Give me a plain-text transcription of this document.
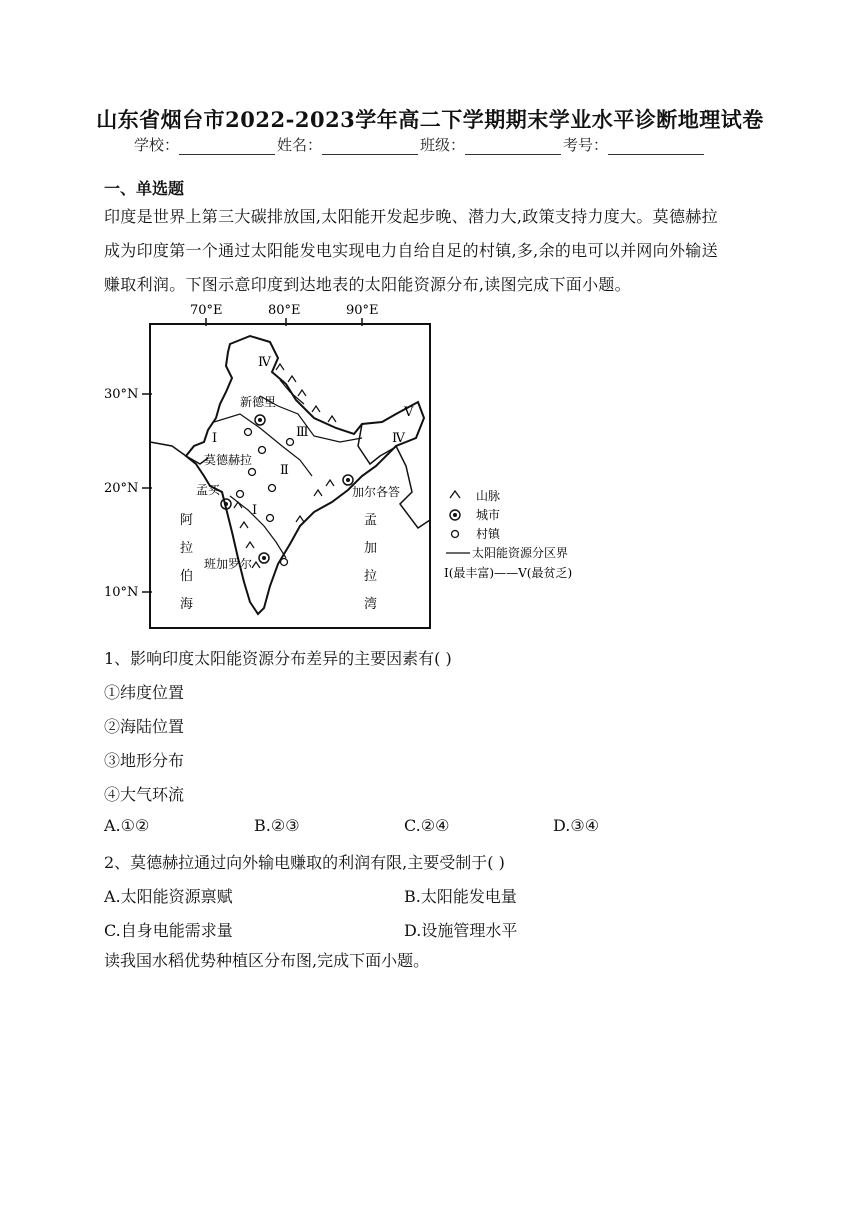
山东省烟台市2022-2023学年高二下学期期末学业水平诊断地理试卷
学校：	姓名：	班级：	考号：
一、单选题
印度是世界上第三大碳排放国,太阳能开发起步晚、潜力大,政策支持力度大。莫德赫拉
成为印度第一个通过太阳能发电实现电力自给自足的村镇,多,余的电可以并网向外输送
赚取利润。下图示意印度到达地表的太阳能资源分布,读图完成下面小题。
70°E	80°E	90°E
30°N
20°N
10°N
Ⅳ
Ⅰ	Ⅲ
Ⅱ
Ⅰ
Ⅴ
Ⅳ
新德里
莫德赫拉
孟买	加尔各答
班加罗尔
阿
拉
伯
海
孟
加
拉
湾
山脉
城市
村镇
太阳能资源分区界
Ⅰ(最丰富)——Ⅴ(最贫乏)
1、影响印度太阳能资源分布差异的主要因素有( )
①纬度位置
②海陆位置
③地形分布
④大气环流
A.①②	B.②③	C.②④	D.③④
2、莫德赫拉通过向外输电赚取的利润有限,主要受制于( )
A.太阳能资源禀赋	B.太阳能发电量
C.自身电能需求量	D.设施管理水平
读我国水稻优势种植区分布图,完成下面小题。
